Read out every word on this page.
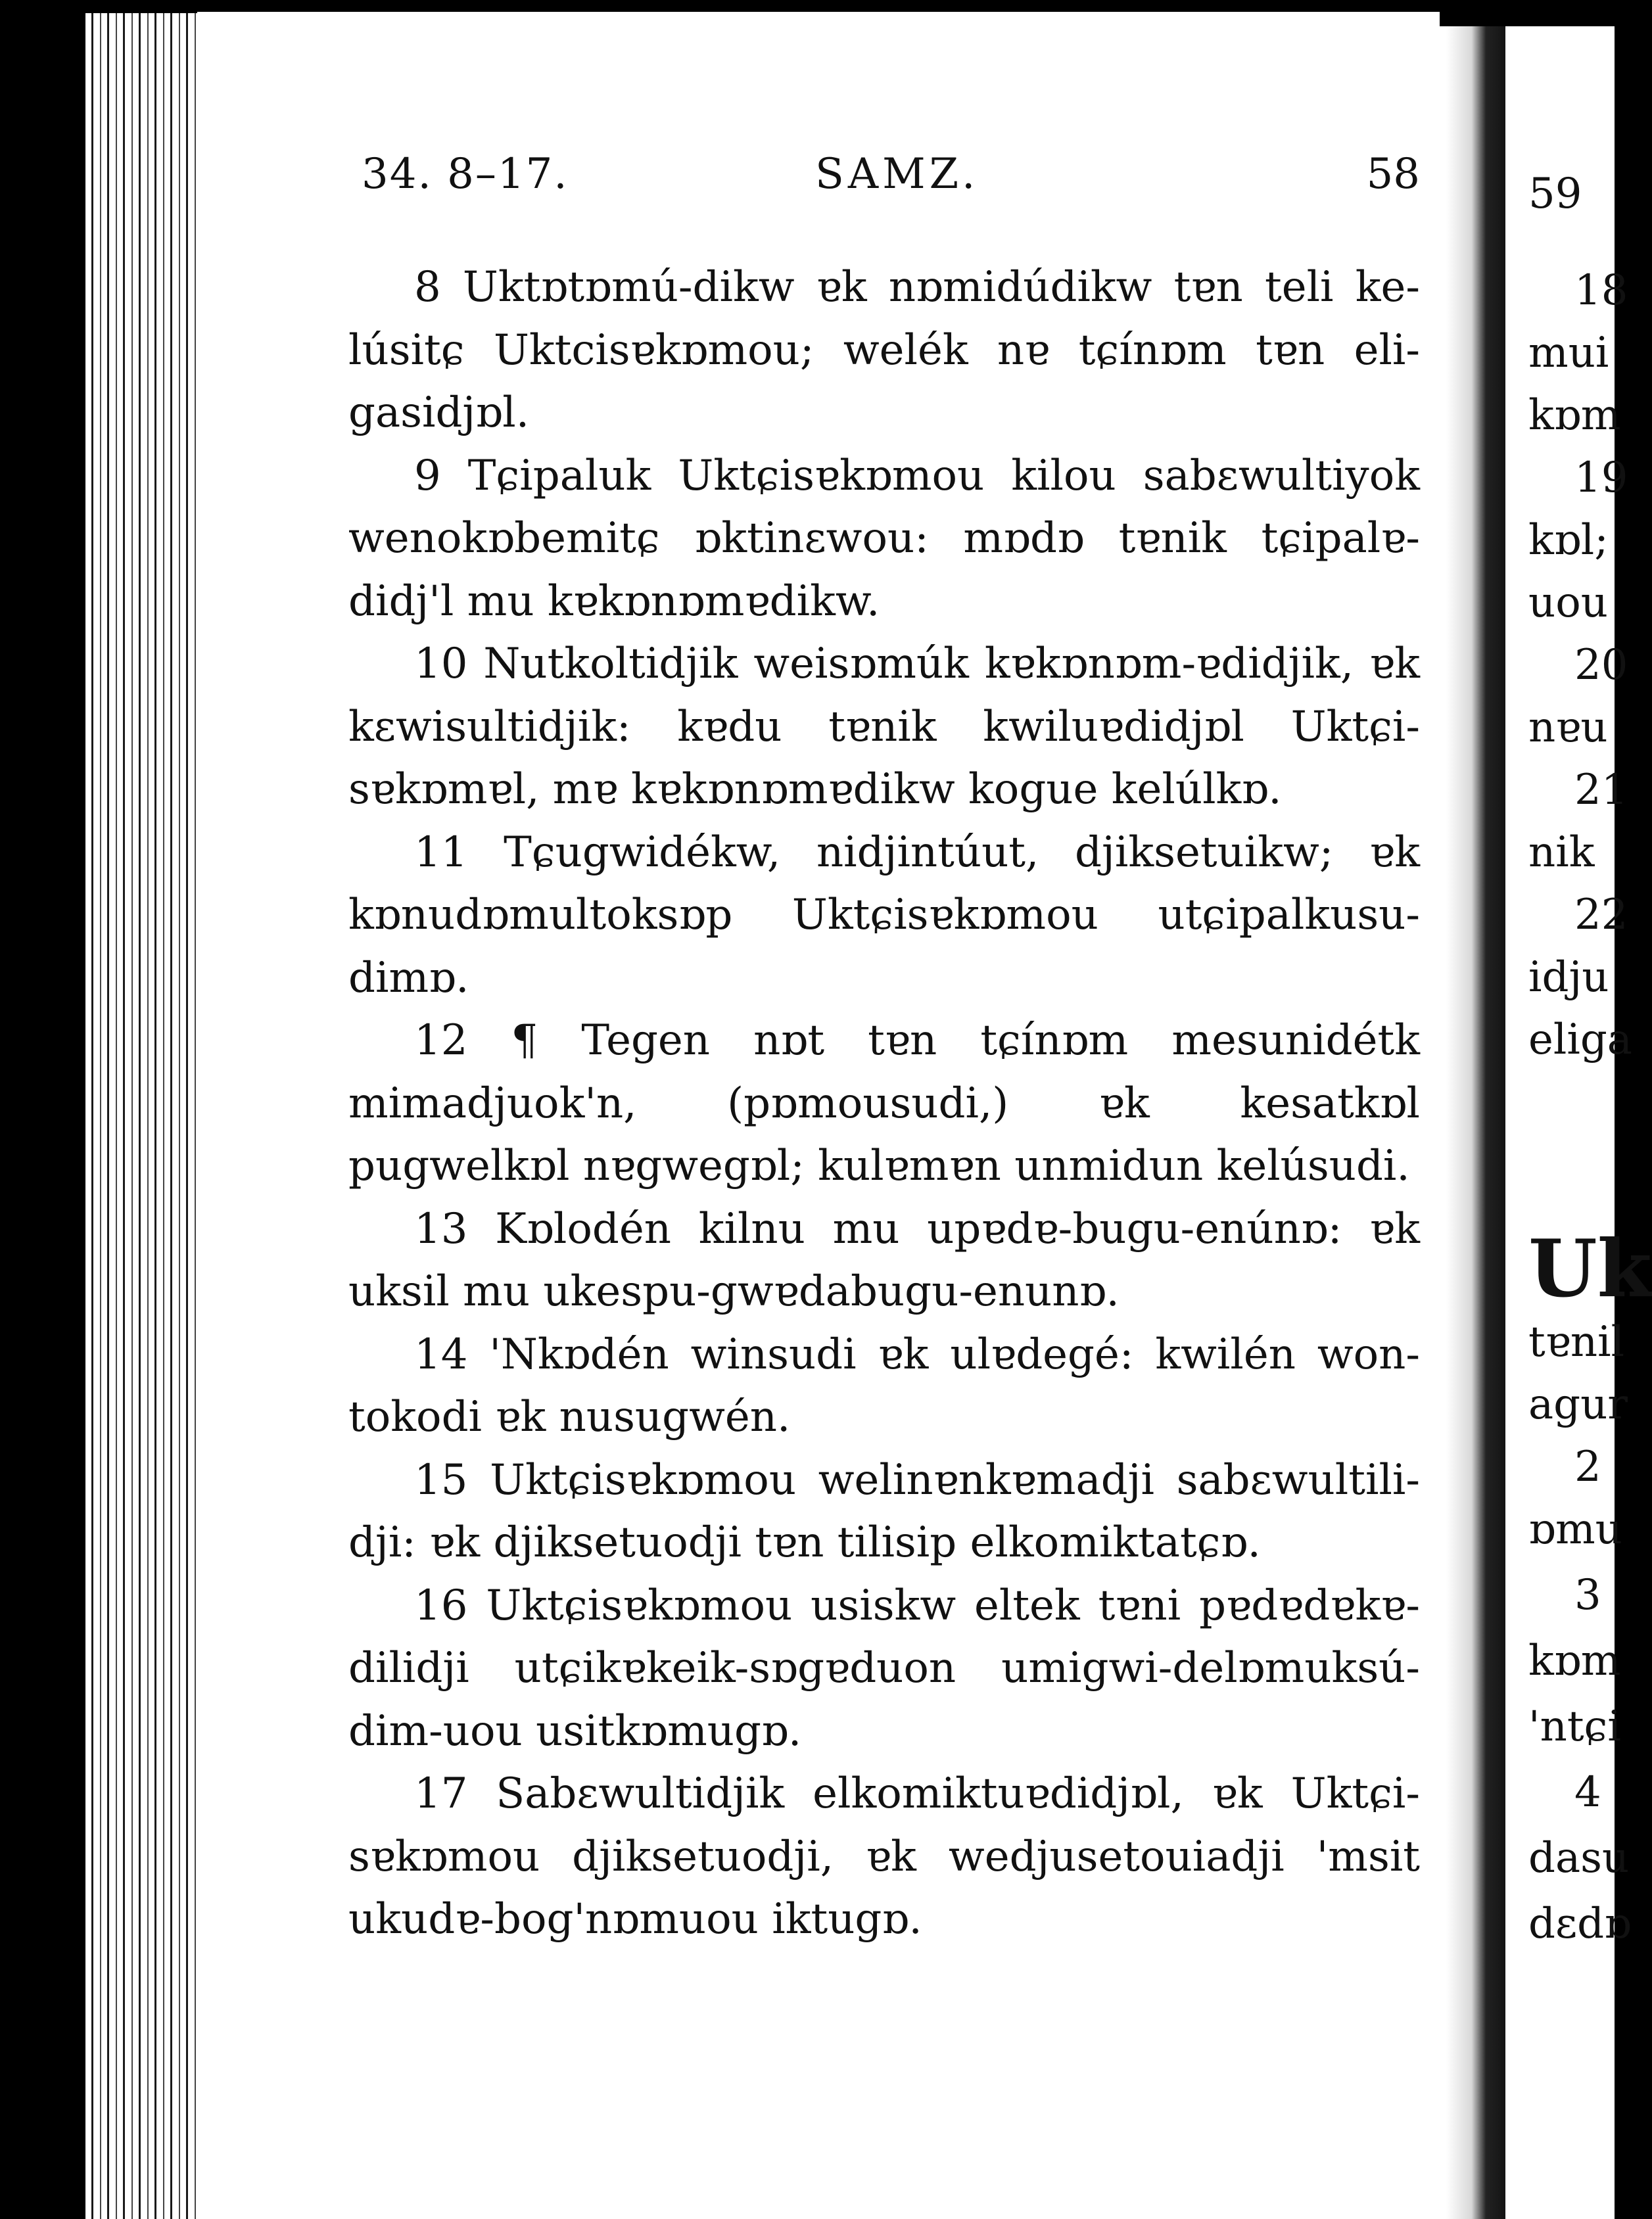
34. 8–17.	SAMZ.	58

8 Uktɒtɒmú-dikw ɐk nɒmidúdikw tɐn teli kelúsitɕ Uktcisɐkɒmou; welék nɐ tɕínɒm tɐn eligasidjɒl.

9 Tɕipaluk Uktɕisɐkɒmou kilou sabɛwultiyok wenokɒbemitɕ ɒktinɛwou: mɒdɒ tɐnik tɕipalɐdidj'l mu kɐkɒnɒmɐdikw.

10 Nutkoltidjik weisɒmúk kɐkɒnɒm-ɐdidjik, ɐk kɛwisultidjik: kɐdu tɐnik kwiluɐdidjɒl Uktɕisɐkɒmɐl, mɐ kɐkɒnɒmɐdikw kogue kelúlkɒ.

11 Tɕugwidékw, nidjintúut, djiksetuikw; ɐk kɒnudɒmultoksɒp Uktɕisɐkɒmou utɕipalkusudimɒ.

12 ¶ Tegen nɒt tɐn tɕínɒm mesunidétk mimadjuok'n, (pɒmousudi,) ɐk kesatkɒl pugwelkɒl nɐgwegɒl; kulɐmɐn unmidun kelúsudi.

13 Kɒlodén kilnu mu upɐdɐ-bugu-enúnɒ: ɐk uksil mu ukespu-gwɐdabugu-enunɒ.

14 'Nkɒdén winsudi ɐk ulɐdegé: kwilén wontokodi ɐk nusugwén.

15 Uktɕisɐkɒmou welinɐnkɐmadji sabɛwultilidji: ɐk djiksetuodji tɐn tilisip elkomiktatɕɒ.

16 Uktɕisɐkɒmou usiskw eltek tɐni pɐdɐdɐkɐdilidji utɕikɐkeik-sɒgɐduon umigwi-delɒmuksúdim-uou usitkɒmugɒ.

17 Sabɛwultidjik elkomiktuɐdidjɒl, ɐk Uktɕisɐkɒmou djiksetuodji, ɐk wedjusetouiadji 'msit ukudɐ-bog'nɒmuou iktugɒ.

59
18
mui
kɒm
19
kɒl;
uou
20
nɐu
21
nik
22
idju
eliga
Uk
tɐnil
agur
2
ɒmu
3
kɒm
'ntɕi
4
dasu
dɛdɒ
